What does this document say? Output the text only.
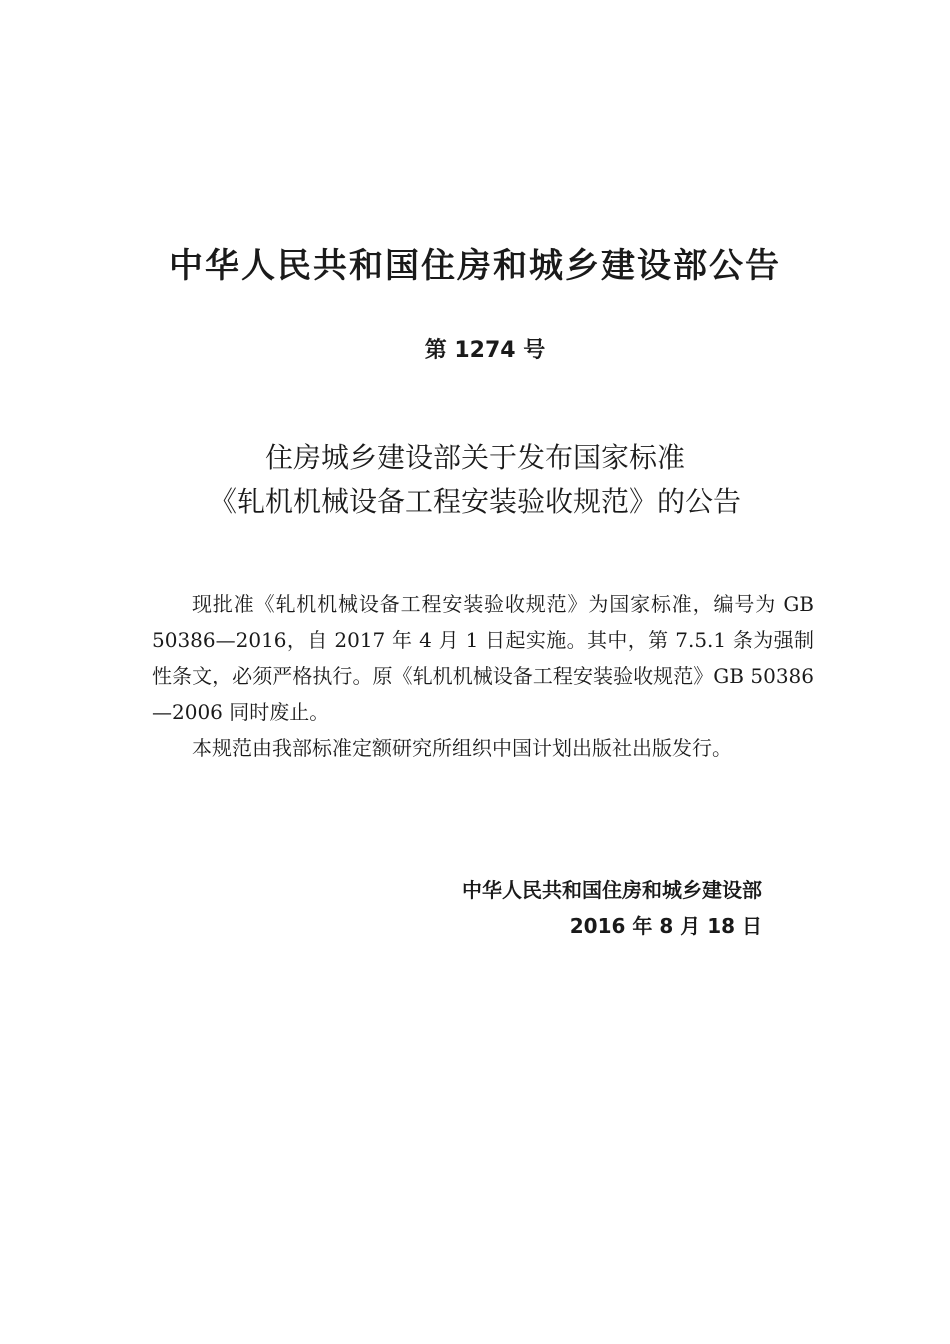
中华人民共和国住房和城乡建设部公告
第 1274 号
住房城乡建设部关于发布国家标准
《轧机机械设备工程安装验收规范》的公告

现批准《轧机机械设备工程安装验收规范》为国家标准，编号为 GB 50386—2016，自 2017 年 4 月 1 日起实施。其中，第 7.5.1 条为强制性条文，必须严格执行。原《轧机机械设备工程安装验收规范》GB 50386—2006 同时废止。

本规范由我部标准定额研究所组织中国计划出版社出版发行。

中华人民共和国住房和城乡建设部
2016 年 8 月 18 日
